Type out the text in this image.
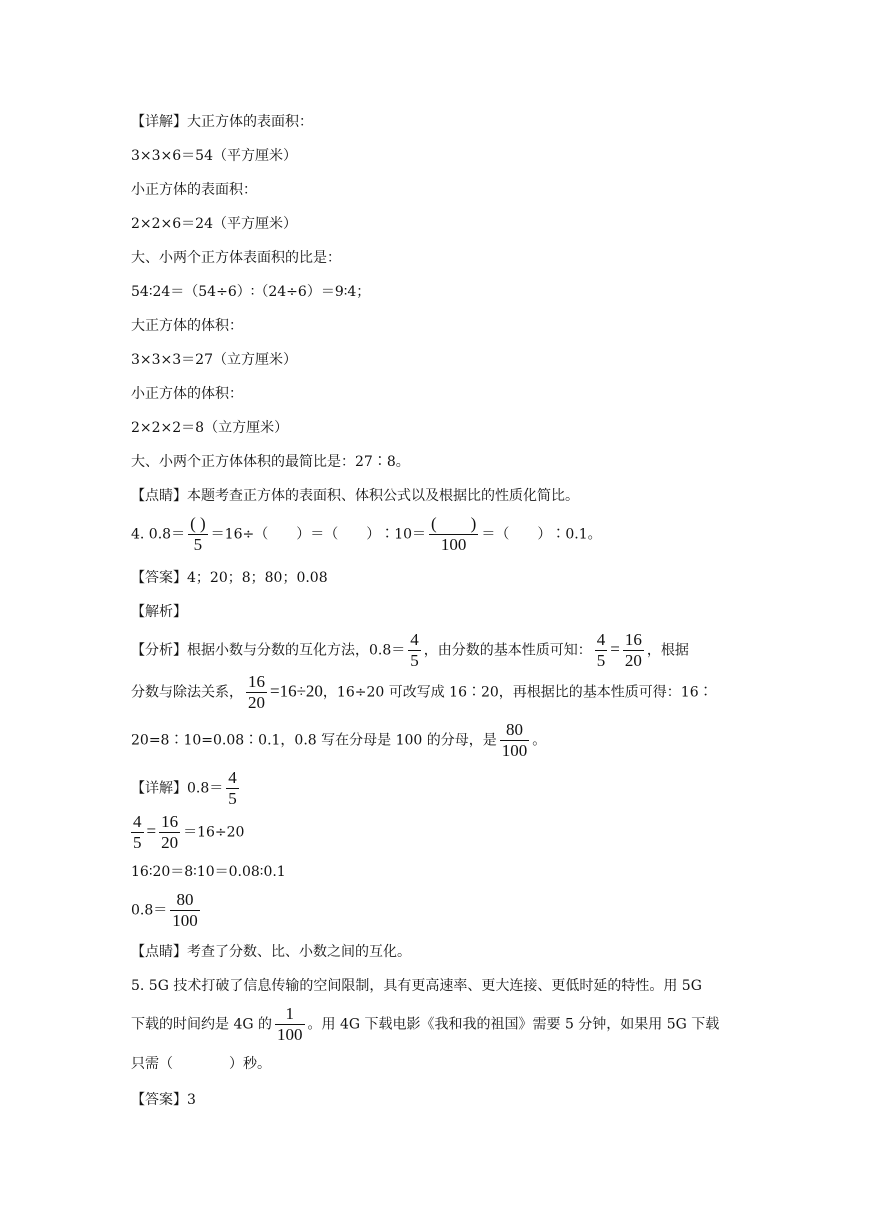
【详解】大正方体的表面积：
3×3×6＝54（平方厘米）
小正方体的表面积：
2×2×6＝24（平方厘米）
大、小两个正方体表面积的比是：
54∶24＝（54÷6）∶（24÷6）＝9∶4；
大正方体的体积：
3×3×3＝27（立方厘米）
小正方体的体积：
2×2×2＝8（立方厘米）
大、小两个正方体体积的最简比是：27∶8。
【点睛】本题考查正方体的表面积、体积公式以及根据比的性质化简比。
4. $0.8= \frac{( )}{5} =16\div$（　　）＝（　　）∶10＝ $\frac{( )}{100}$ ＝（　　）∶0.1。
【答案】4；20；8；80；0.08
【解析】
【分析】根据小数与分数的互化方法，$0.8= \frac{4}{5}$ ，由分数的基本性质可知： $\frac{4}{5} = \frac{16}{20}$ ，根据
分数与除法关系， $\frac{16}{20} =16\div 20$，16÷20 可改写成 16∶20，再根据比的基本性质可得：16∶
20=8∶10=0.08∶0.1，0.8 写在分母是 100 的分母，是 $\frac{80}{100}$ 。
【详解】$0.8= \frac{4}{5}$
$\frac{4}{5} = \frac{16}{20} =16\div 20$
16∶20＝8∶10＝0.08∶0.1
$0.8= \frac{80}{100}$
【点睛】考查了分数、比、小数之间的互化。
5. 5G 技术打破了信息传输的空间限制，具有更高速率、更大连接、更低时延的特性。用 5G
下载的时间约是 4G 的 $\frac{1}{100}$ 。用 4G 下载电影《我和我的祖国》需要 5 分钟，如果用 5G 下载
只需（　　　　）秒。
【答案】3
